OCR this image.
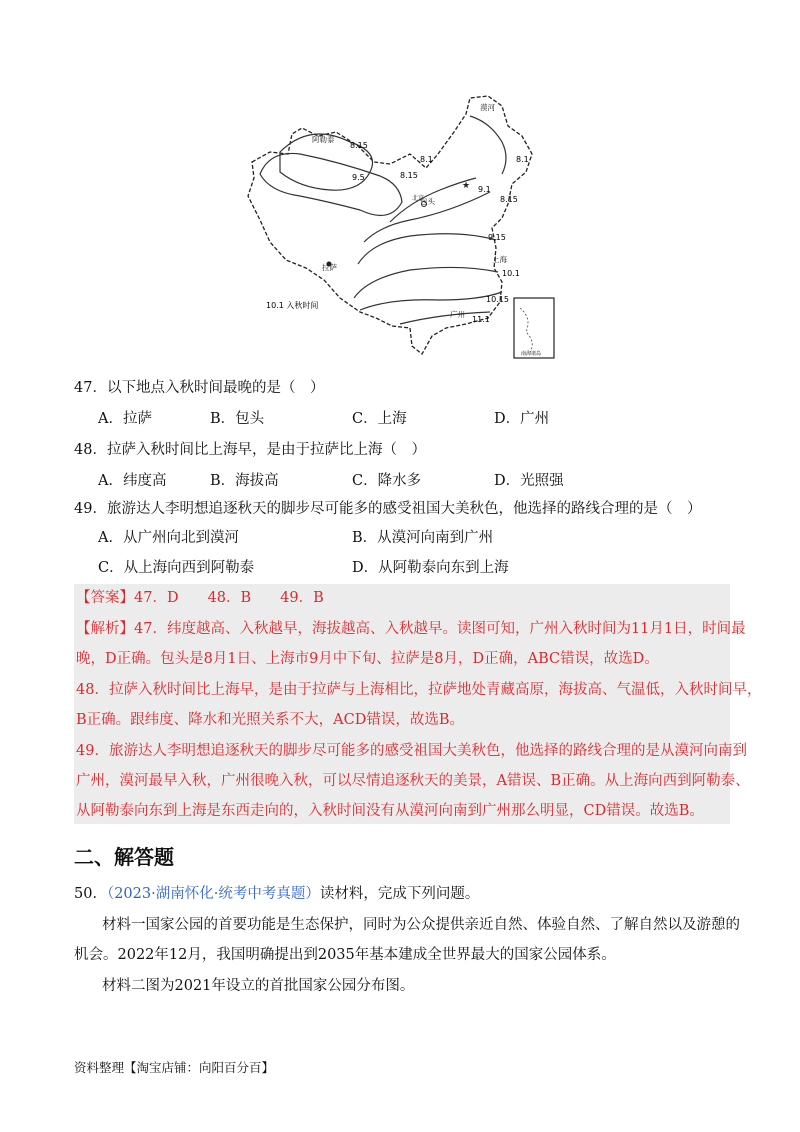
南海诸岛
北京
★
拉萨
上海
广州
漠河
阿勒泰
包头
8.15
8.1
8.15
8.1
9.5
9.1
8.15
9.15
10.1
10.15
11.1
10.1 入秋时间
47．以下地点入秋时间最晚的是（　）
A．拉萨	B．包头	C．上海	D．广州
48．拉萨入秋时间比上海早，是由于拉萨比上海（　）
A．纬度高	B．海拔高	C．降水多	D．光照强
49．旅游达人李明想追逐秋天的脚步尽可能多的感受祖国大美秋色，他选择的路线合理的是（　）
A．从广州向北到漠河	B．从漠河向南到广州
C．从上海向西到阿勒泰	D．从阿勒泰向东到上海
【答案】47．D　　48．B　　49．B
【解析】47．纬度越高、入秋越早，海拔越高、入秋越早。读图可知，广州入秋时间为11月1日，时间最
晚，D正确。包头是8月1日、上海市9月中下旬、拉萨是8月，D正确，ABC错误，故选D。
48．拉萨入秋时间比上海早，是由于拉萨与上海相比，拉萨地处青藏高原，海拔高、气温低，入秋时间早，
B正确。跟纬度、降水和光照关系不大，ACD错误，故选B。
49．旅游达人李明想追逐秋天的脚步尽可能多的感受祖国大美秋色，他选择的路线合理的是从漠河向南到
广州，漠河最早入秋，广州很晚入秋，可以尽情追逐秋天的美景，A错误、B正确。从上海向西到阿勒泰、
从阿勒泰向东到上海是东西走向的，入秋时间没有从漠河向南到广州那么明显，CD错误。故选B。
二、解答题
50．（2023·湖南怀化·统考中考真题）读材料，完成下列问题。
材料一国家公园的首要功能是生态保护，同时为公众提供亲近自然、体验自然、了解自然以及游憩的
机会。2022年12月，我国明确提出到2035年基本建成全世界最大的国家公园体系。
材料二图为2021年设立的首批国家公园分布图。
资料整理【淘宝店铺：向阳百分百】
